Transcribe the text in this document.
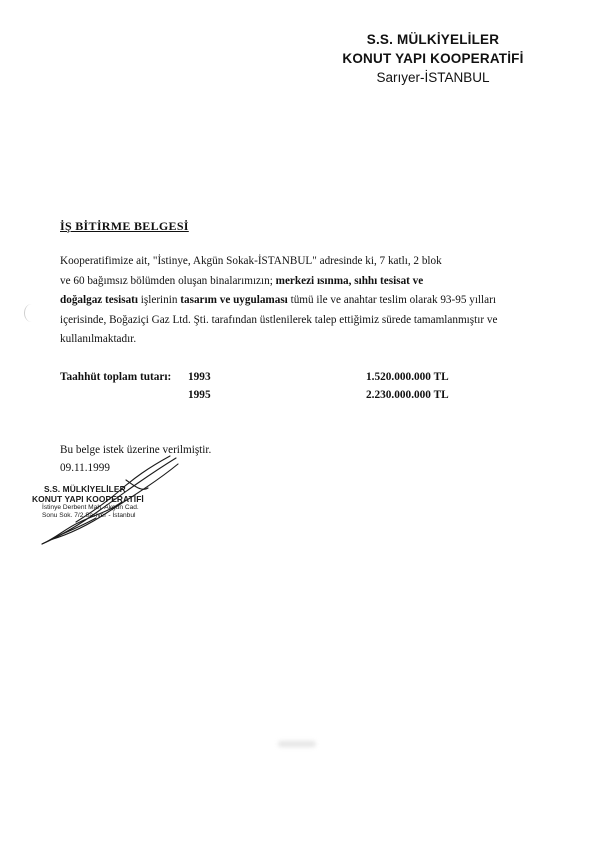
S.S. MÜLKİYELİLER
KONUT YAPI KOOPERATİFİ
Sarıyer-İSTANBUL
İŞ BİTİRME BELGESİ
Kooperatifimize ait, "İstinye, Akgün Sokak-İSTANBUL" adresinde ki, 7 katlı, 2 blok
ve 60 bağımsız bölümden oluşan binalarımızın; merkezi ısınma, sıhhı tesisat ve
doğalgaz tesisatı işlerinin tasarım ve uygulaması tümü ile ve anahtar teslim olarak 93-95 yılları
içerisinde, Boğaziçi Gaz Ltd. Şti. tarafından üstlenilerek talep ettiğimiz sürede tamamlanmıştır ve
kullanılmaktadır.
Taahhüt toplam tutarı:	1993	1.520.000.000 TL
1995	2.230.000.000 TL
Bu belge istek üzerine verilmiştir.
09.11.1999
S.S. MÜLKİYELİLER
KONUT YAPI KOOPERATİFİ
İstinye Derbent Mah. Akgün Cad.
Sonu Sok. 7/2 Sarıyer - İstanbul
